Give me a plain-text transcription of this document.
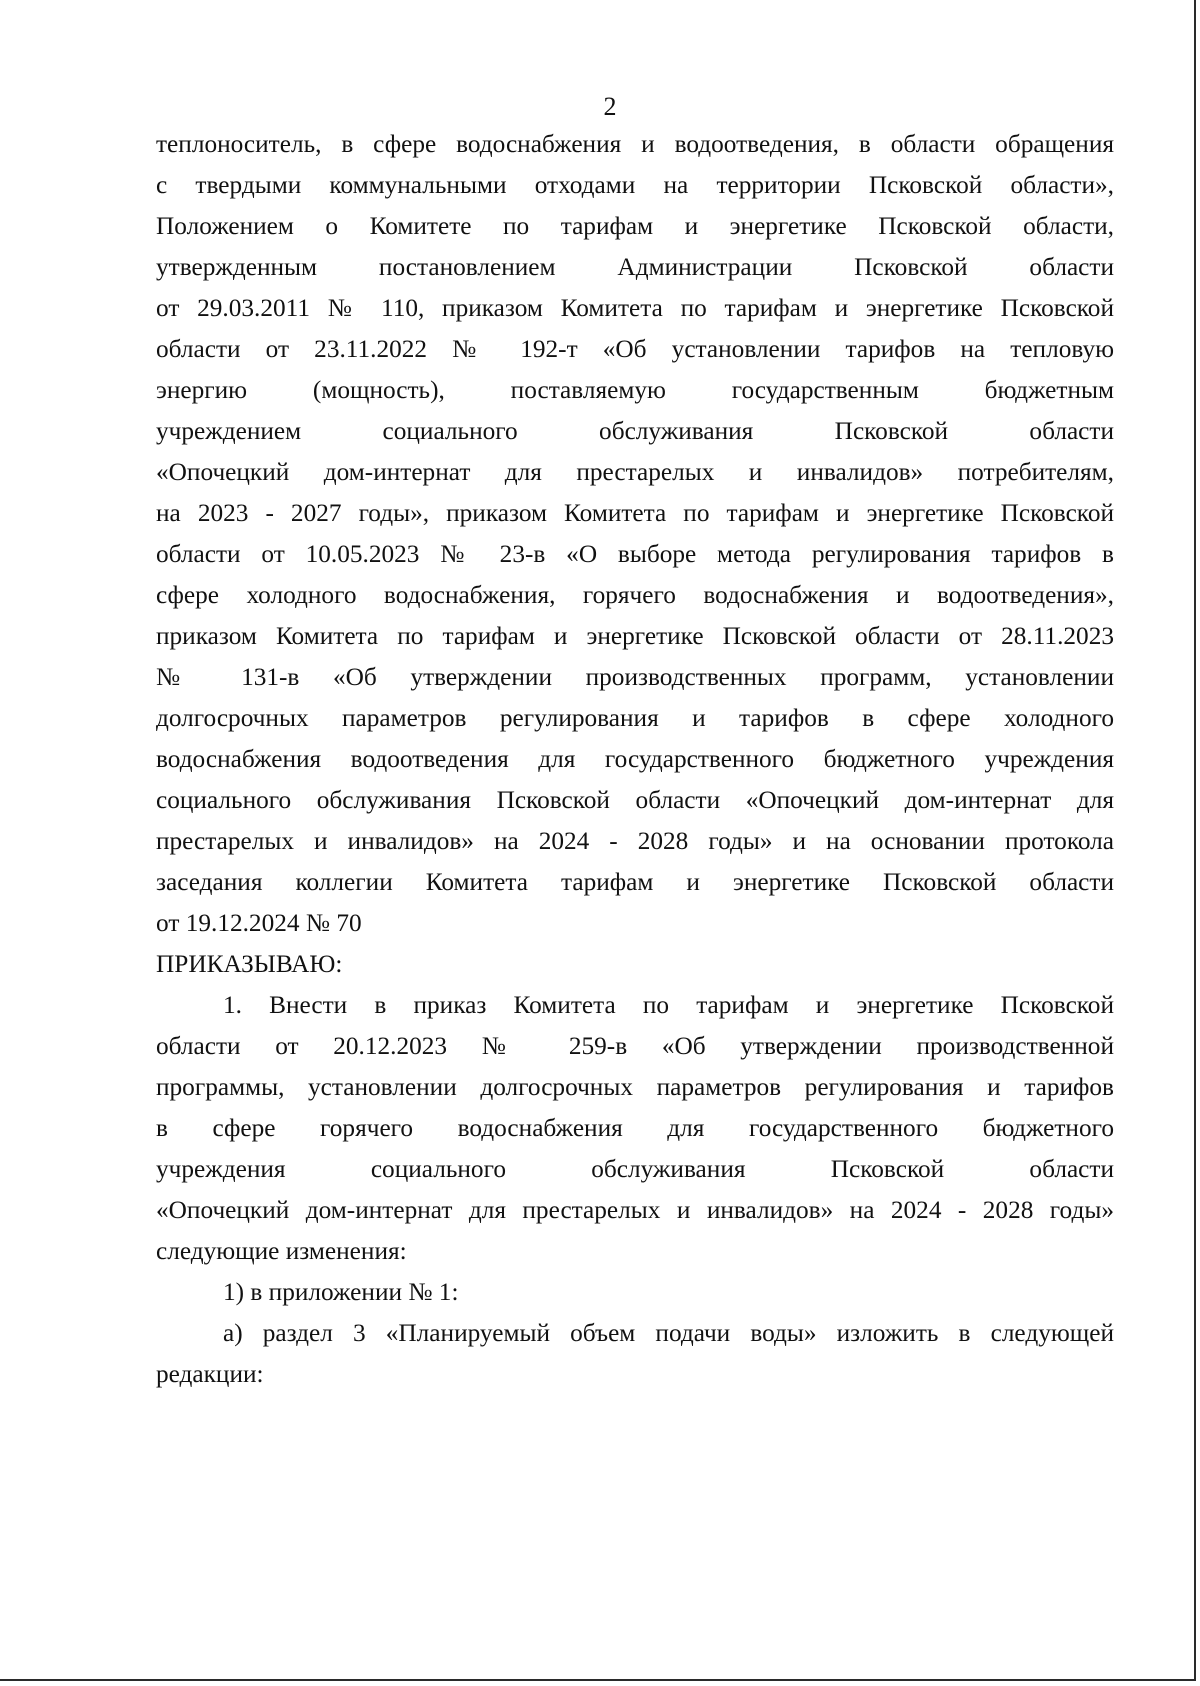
2
теплоноситель, в сфере водоснабжения и водоотведения, в области обращения
с твердыми коммунальными отходами на территории Псковской области»,
Положением о Комитете по тарифам и энергетике Псковской области,
утвержденным постановлением Администрации Псковской области
от 29.03.2011 № 110, приказом Комитета по тарифам и энергетике Псковской
области от 23.11.2022 № 192-т «Об установлении тарифов на тепловую
энергию (мощность), поставляемую государственным бюджетным
учреждением социального обслуживания Псковской области
«Опочецкий дом-интернат для престарелых и инвалидов» потребителям,
на 2023 - 2027 годы», приказом Комитета по тарифам и энергетике Псковской
области от 10.05.2023 № 23-в «О выборе метода регулирования тарифов в
сфере холодного водоснабжения, горячего водоснабжения и водоотведения»,
приказом Комитета по тарифам и энергетике Псковской области от 28.11.2023
№ 131-в «Об утверждении производственных программ, установлении
долгосрочных параметров регулирования и тарифов в сфере холодного
водоснабжения водоотведения для государственного бюджетного учреждения
социального обслуживания Псковской области «Опочецкий дом-интернат для
престарелых и инвалидов» на 2024 - 2028 годы» и на основании протокола
заседания коллегии Комитета тарифам и энергетике Псковской области
от 19.12.2024 № 70
ПРИКАЗЫВАЮ:
1. Внести в приказ Комитета по тарифам и энергетике Псковской
области от 20.12.2023 № 259-в «Об утверждении производственной
программы, установлении долгосрочных параметров регулирования и тарифов
в сфере горячего водоснабжения для государственного бюджетного
учреждения социального обслуживания Псковской области
«Опочецкий дом-интернат для престарелых и инвалидов» на 2024 - 2028 годы»
следующие изменения:
1) в приложении № 1:
а) раздел 3 «Планируемый объем подачи воды» изложить в следующей
редакции:
